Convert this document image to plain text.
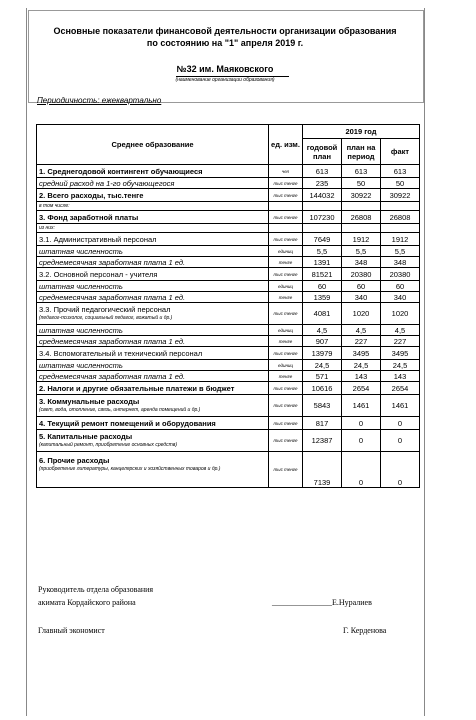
Основные показатели финансовой деятельности организации образования
по состоянию на "1" апреля 2019 г.
№32 им. Маяковского
(наименование организации образования)
Периодичность: ежеквартально
Среднее образование	ед. изм.	2019 год		
		годовой план	план на период	факт

1. Среднегодовой контингент обучающиеся	чел	613	613	613

средний расход на 1-го обучающегося	тыс тенге	235	50	50

2. Всего расходы, тыс.тенге	тыс тенге	144032	30922	30922

в том числе:				

3. Фонд заработной платы	тыс тенге	107230	26808	26808

из них:				

3.1. Административный персонал	тыс тенге	7649	1912	1912

штатная численность	единиц	5,5	5,5	5,5

среднемесячная заработная плата 1 ед.	тенге	1391	348	348

3.2. Основной персонал - учителя	тыс тенге	81521	20380	20380

штатная численность	единиц	60	60	60

среднемесячная заработная плата 1 ед.	тенге	1359	340	340

3.3. Прочий педагогический персонал
(педагог-психолог, социальный педагог, вожатый и др.)	тыс тенге	4081	1020	1020

штатная численность	единиц	4,5	4,5	4,5

среднемесячная заработная плата 1 ед.	тенге	907	227	227

3.4. Вспомогательный и технический персонал	тыс тенге	13979	3495	3495

штатная численность	единиц	24,5	24,5	24,5

среднемесячная заработная плата 1 ед.	тенге	571	143	143

2. Налоги и другие обязательные платежи в бюджет	тыс тенге	10616	2654	2654

3. Коммунальные расходы
(свет, вода, отопление, связь, интернет, аренда помещений и др.)	тыс тенге	5843	1461	1461

4. Текущий ремонт помещений и оборудования	тыс тенге	817	0	0

5. Капитальные расходы
(капитальный ремонт, приобретение основных средств)	тыс тенге	12387	0	0

6. Прочие расходы
(приобретение литературы, канцелярских и хозяйственных товаров и др.)	тыс тенге	7139	0	0
Руководитель отдела образования
акимата Кордайского района	_______________Е.Нуралиев
Главный экономист	Г. Керденова
